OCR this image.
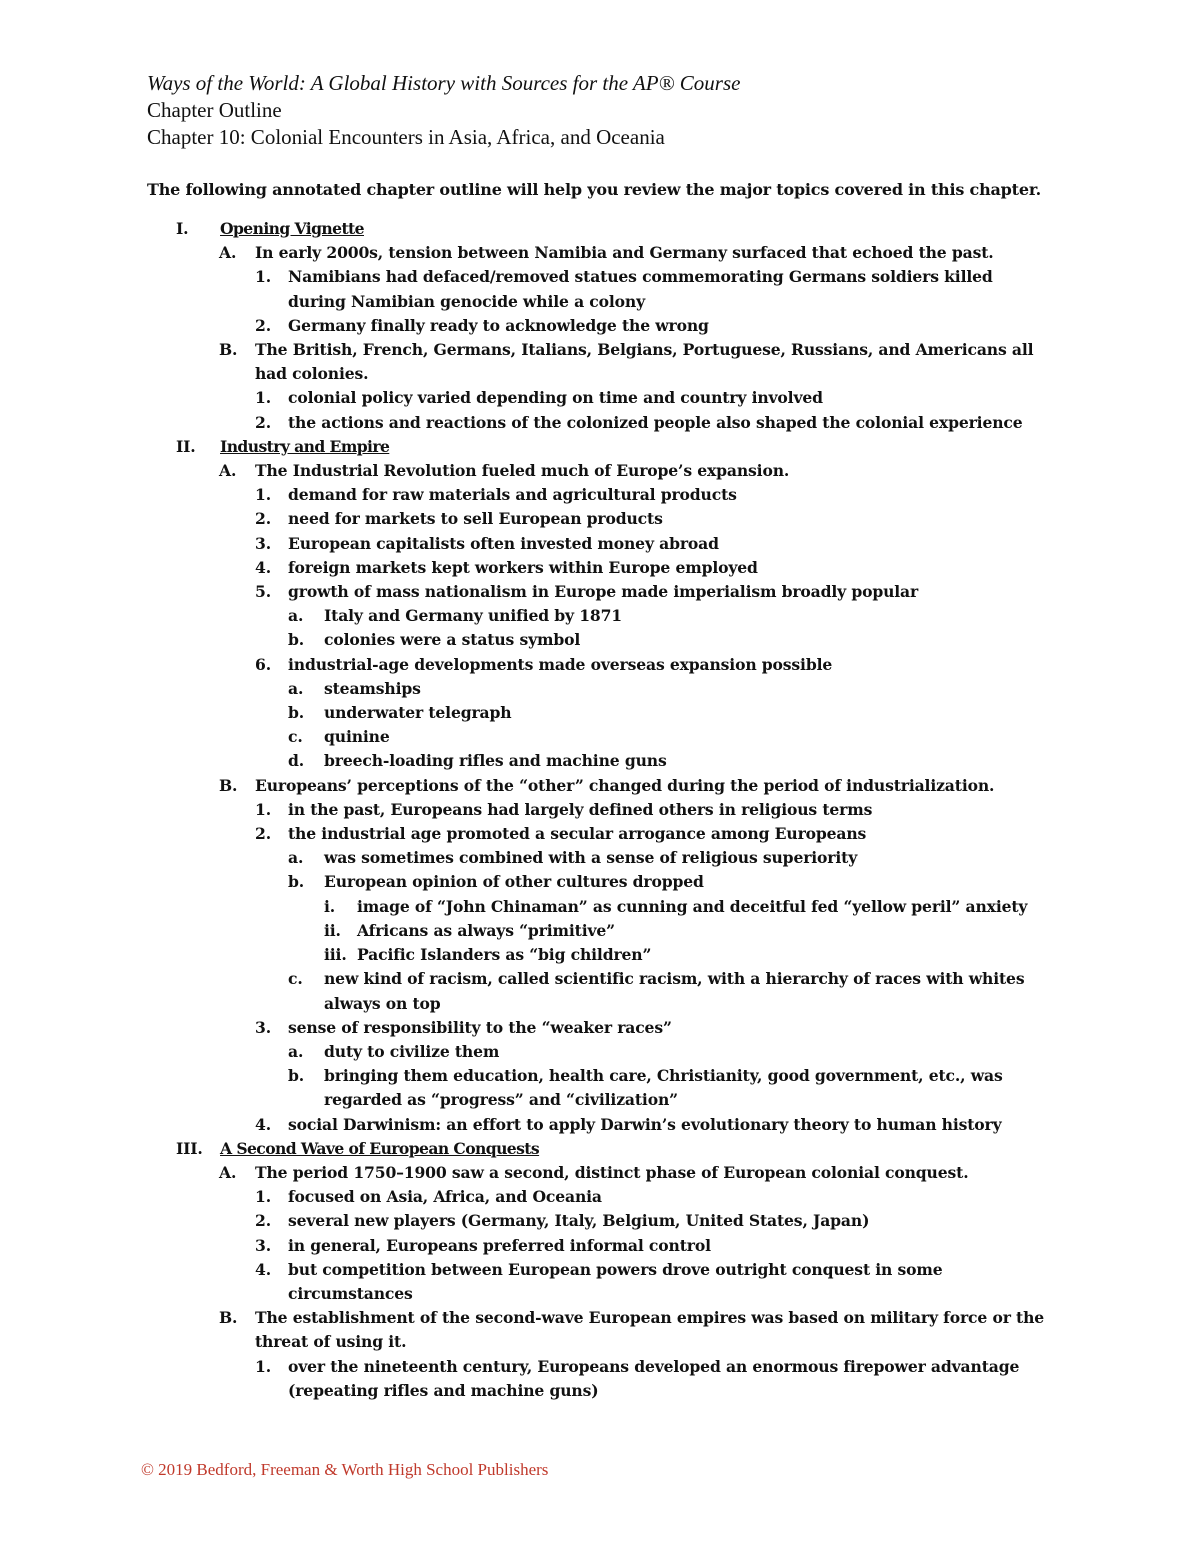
Ways of the World: A Global History with Sources for the AP® Course
Chapter Outline
Chapter 10: Colonial Encounters in Asia, Africa, and Oceania
The following annotated chapter outline will help you review the major topics covered in this chapter.
I.	Opening Vignette
A.	In early 2000s, tension between Namibia and Germany surfaced that echoed the past.
1.	Namibians had defaced/removed statues commemorating Germans soldiers killed during Namibian genocide while a colony
2.	Germany finally ready to acknowledge the wrong
B.	The British, French, Germans, Italians, Belgians, Portuguese, Russians, and Americans all had colonies.
1.	colonial policy varied depending on time and country involved
2.	the actions and reactions of the colonized people also shaped the colonial experience
II.	Industry and Empire
A.	The Industrial Revolution fueled much of Europe’s expansion.
1.	demand for raw materials and agricultural products
2.	need for markets to sell European products
3.	European capitalists often invested money abroad
4.	foreign markets kept workers within Europe employed
5.	growth of mass nationalism in Europe made imperialism broadly popular
a.	Italy and Germany unified by 1871
b.	colonies were a status symbol
6.	industrial-age developments made overseas expansion possible
a.	steamships
b.	underwater telegraph
c.	quinine
d.	breech-loading rifles and machine guns
B.	Europeans’ perceptions of the “other” changed during the period of industrialization.
1.	in the past, Europeans had largely defined others in religious terms
2.	the industrial age promoted a secular arrogance among Europeans
a.	was sometimes combined with a sense of religious superiority
b.	European opinion of other cultures dropped
i.	image of “John Chinaman” as cunning and deceitful fed “yellow peril” anxiety
ii.	Africans as always “primitive”
iii. Pacific Islanders as “big children”
c.	new kind of racism, called scientific racism, with a hierarchy of races with whites always on top
3.	sense of responsibility to the “weaker races”
a.	duty to civilize them
b.	bringing them education, health care, Christianity, good government, etc., was regarded as “progress” and “civilization”
4.	social Darwinism: an effort to apply Darwin’s evolutionary theory to human history
III.	A Second Wave of European Conquests
A.	The period 1750–1900 saw a second, distinct phase of European colonial conquest.
1.	focused on Asia, Africa, and Oceania
2.	several new players (Germany, Italy, Belgium, United States, Japan)
3.	in general, Europeans preferred informal control
4.	but competition between European powers drove outright conquest in some circumstances
B.	The establishment of the second-wave European empires was based on military force or the threat of using it.
1.	over the nineteenth century, Europeans developed an enormous firepower advantage (repeating rifles and machine guns)
© 2019 Bedford, Freeman & Worth High School Publishers
